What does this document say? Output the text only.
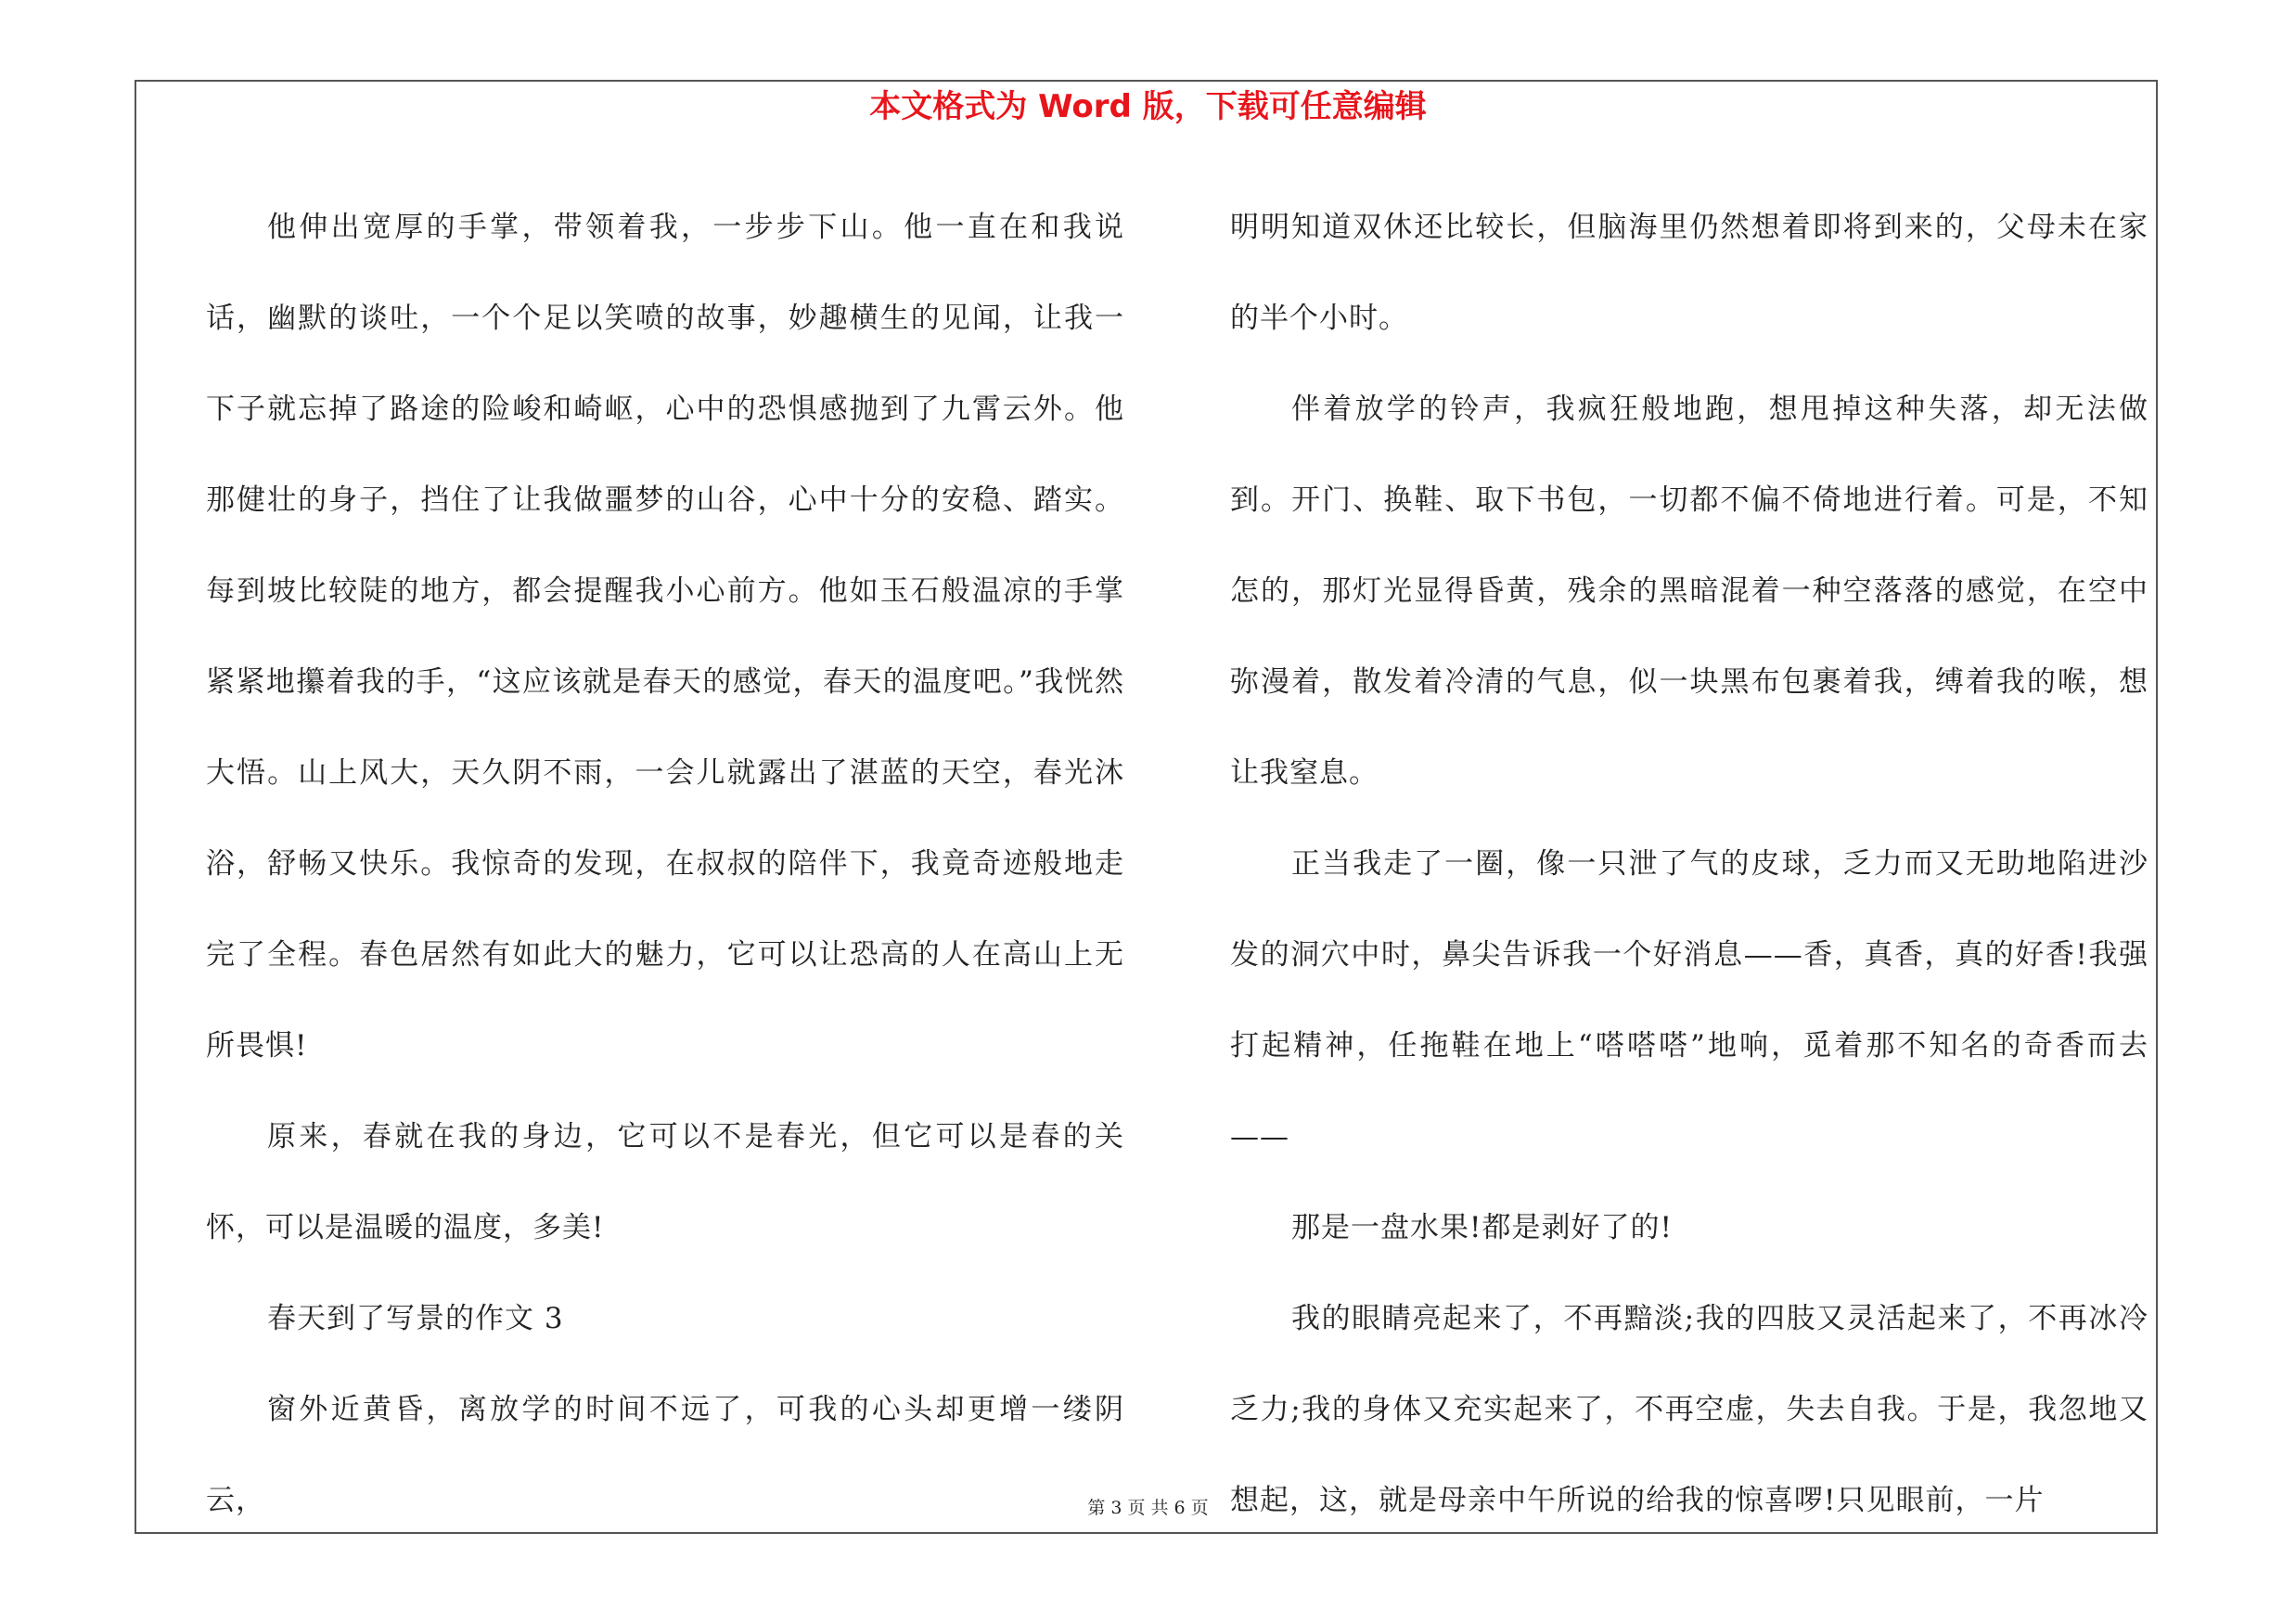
本文格式为 Word 版，下载可任意编辑

他伸出宽厚的手掌，带领着我，一步步下山。他一直在和我说话，幽默的谈吐，一个个足以笑喷的故事，妙趣横生的见闻，让我一下子就忘掉了路途的险峻和崎岖，心中的恐惧感抛到了九霄云外。他那健壮的身子，挡住了让我做噩梦的山谷，心中十分的安稳、踏实。每到坡比较陡的地方，都会提醒我小心前方。他如玉石般温凉的手掌紧紧地攥着我的手，“这应该就是春天的感觉，春天的温度吧。”我恍然大悟。山上风大，天久阴不雨，一会儿就露出了湛蓝的天空，春光沐浴，舒畅又快乐。我惊奇的发现，在叔叔的陪伴下，我竟奇迹般地走完了全程。春色居然有如此大的魅力，它可以让恐高的人在高山上无所畏惧!

原来，春就在我的身边，它可以不是春光，但它可以是春的关怀，可以是温暖的温度，多美!

春天到了写景的作文 3

窗外近黄昏，离放学的时间不远了，可我的心头却更增一缕阴云，

明明知道双休还比较长，但脑海里仍然想着即将到来的，父母未在家的半个小时。

伴着放学的铃声，我疯狂般地跑，想甩掉这种失落，却无法做到。开门、换鞋、取下书包，一切都不偏不倚地进行着。可是，不知怎的，那灯光显得昏黄，残余的黑暗混着一种空落落的感觉，在空中弥漫着，散发着冷清的气息，似一块黑布包裹着我，缚着我的喉，想让我窒息。

正当我走了一圈，像一只泄了气的皮球，乏力而又无助地陷进沙发的洞穴中时，鼻尖告诉我一个好消息——香，真香，真的好香!我强打起精神，任拖鞋在地上“嗒嗒嗒”地响，觅着那不知名的奇香而去——

那是一盘水果!都是剥好了的!

我的眼睛亮起来了，不再黯淡;我的四肢又灵活起来了，不再冰冷乏力;我的身体又充实起来了，不再空虚，失去自我。于是，我忽地又想起，这，就是母亲中午所说的给我的惊喜啰!只见眼前，一片

第 3 页 共 6 页
